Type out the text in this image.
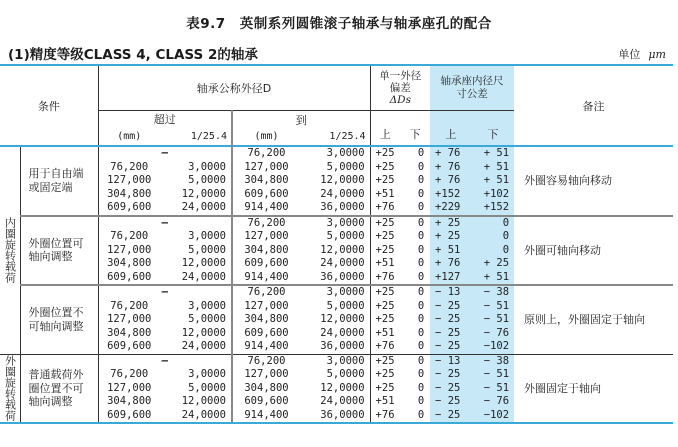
表9.7　英制系列圆锥滚子轴承与轴承座孔的配合
(1)精度等级CLASS 4, CLASS 2的轴承	单位 μm
条件	轴承公称外径D	
单一外径
偏差
ΔDs

轴承座内径尺
寸公差
	备注
		超过		到		上 下		上 下		

		(mm)	1/25.4	(mm)	1/25.4					

内圈旋转载荷	用于自由端或固定端	—		76,200	3,0000	+25	0	+ 76	+ 51	外圈容易轴向移动
		76,200	3,0000	127,000	5,0000	+25	0	+ 76	+ 51	
		127,000	5,0000	304,800	12,0000	+25	0	+ 76	+ 51	
		304,800	12,0000	609,600	24,0000	+51	0	+152	+102	
		609,600	24,0000	914,400	36,0000	+76	0	+229	+152	
	外圈位置可轴向调整	—		76,200	3,0000	+25	0	+ 25	0	外圈可轴向移动
		76,200	3,0000	127,000	5,0000	+25	0	+ 25	0	
		127,000	5,0000	304,800	12,0000	+25	0	+ 51	0	
		304,800	12,0000	609,600	24,0000	+51	0	+ 76	+ 25	
		609,600	24,0000	914,400	36,0000	+76	0	+127	+ 51	
	外圈位置不可轴向调整	—		76,200	3,0000	+25	0	− 13	− 38	原则上，外圈固定于轴向
		76,200	3,0000	127,000	5,0000	+25	0	− 25	− 51	
		127,000	5,0000	304,800	12,0000	+25	0	− 25	− 51	
		304,800	12,0000	609,600	24,0000	+51	0	− 25	− 76	
		609,600	24,0000	914,400	36,0000	+76	0	− 25	−102	

外圈旋转载荷	普通载荷外圈位置不可轴向调整	—		76,200	3,0000	+25	0	− 13	− 38	外圈固定于轴向
		76,200	3,0000	127,000	5,0000	+25	0	− 25	− 51	
		127,000	5,0000	304,800	12,0000	+25	0	− 25	− 51	
		304,800	12,0000	609,600	24,0000	+51	0	− 25	− 76	
		609,600	24,0000	914,400	36,0000	+76	0	− 25	−102	
